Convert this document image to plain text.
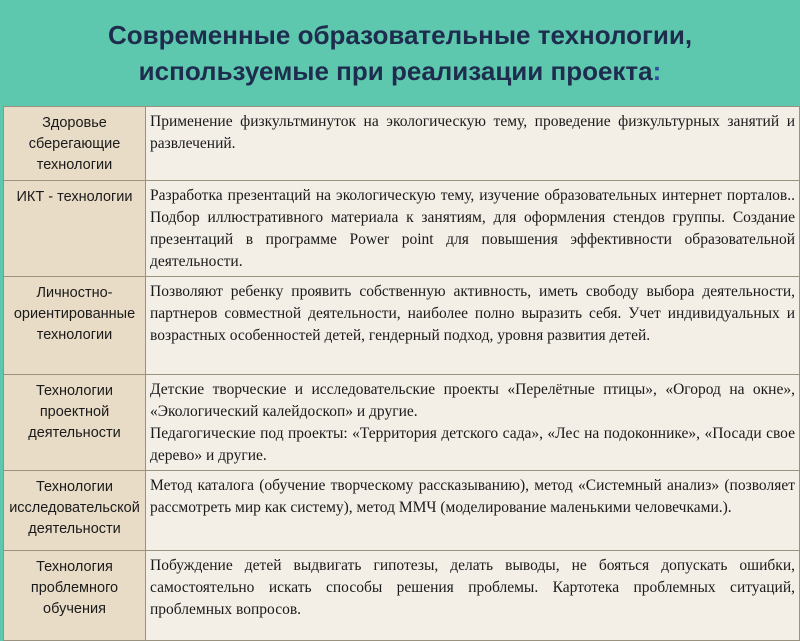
Современные образовательные технологии,
используемые при реализации проекта:
Здоровье сберегающие технологии	Применение физкультминуток на экологическую тему, проведение физкультурных занятий и развлечений.
ИКТ - технологии	Разработка презентаций на экологическую тему, изучение образовательных интернет порталов.. Подбор иллюстративного материала к занятиям, для оформления стендов группы. Создание презентаций в программе Power point для повышения эффективности образовательной деятельности.
Личностно-ориентированные технологии	Позволяют ребенку проявить собственную активность, иметь свободу выбора деятельности, партнеров совместной деятельности, наиболее полно выразить себя. Учет индивидуальных и возрастных особенностей детей, гендерный подход, уровня развития детей.
Технологии проектной деятельности	Детские творческие и исследовательские проекты «Перелётные птицы», «Огород на окне», «Экологический калейдоскоп» и другие.
Педагогические под проекты: «Территория детского сада», «Лес на подоконнике», «Посади свое дерево» и другие.

Технологии исследовательской деятельности	Метод каталога (обучение творческому рассказыванию), метод «Системный анализ» (позволяет рассмотреть мир как систему), метод ММЧ (моделирование маленькими человечками.).
Технология проблемного обучения	Побуждение детей выдвигать гипотезы, делать выводы, не бояться допускать ошибки, самостоятельно искать способы решения проблемы. Картотека проблемных ситуаций, проблемных вопросов.
